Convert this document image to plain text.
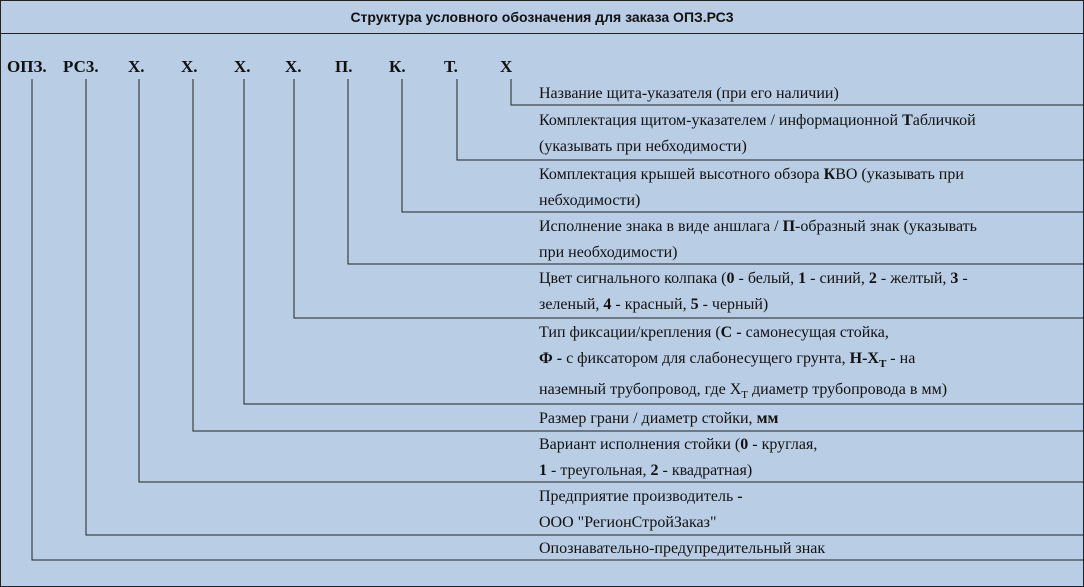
Структура условного обозначения для заказа ОПЗ.РС3
ОПЗ. РС3. Х. Х. Х. Х. П. К. Т. Х
Название щита-указателя (при его наличии)
Комплектация щитом-указателем / информационной Табличкой
(указывать при небходимости)
Комплектация крышей высотного обзора КВО (указывать при
небходимости)
Исполнение знака в виде аншлага / П-образный знак (указывать
при необходимости)
Цвет сигнального колпака (0 - белый, 1 - синий, 2 - желтый, 3 -
зеленый, 4 - красный, 5 - черный)
Тип фиксации/крепления (С - самонесущая стойка,
Ф - с фиксатором для слабонесущего грунта, $Н-Х_Т$ - на
наземный трубопровод, где $Х_Т$ диаметр трубопровода в мм)
Размер грани / диаметр стойки, мм
Вариант исполнения стойки (0 - круглая,
1 - треугольная, 2 - квадратная)
Предприятие производитель -
ООО "РегионСтройЗаказ"
Опознавательно-предупредительный знак
